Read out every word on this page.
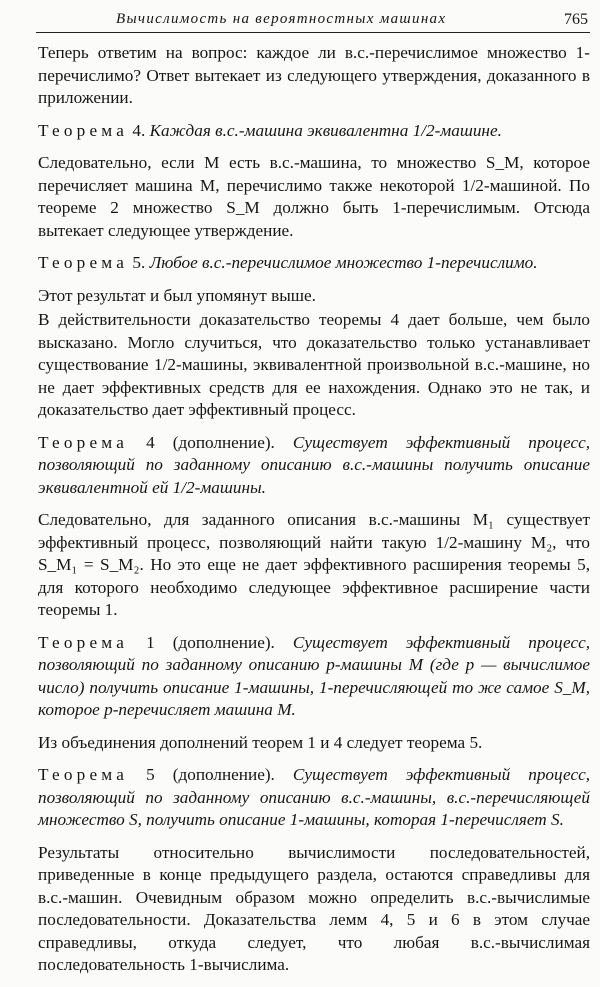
Вычислимость на вероятностных машинах	765

Теперь ответим на вопрос: каждое ли в.с.-перечислимое множество 1-перечислимо? Ответ вытекает из следующего утверждения, доказанного в приложении.

Теорема 4. Каждая в.с.-машина эквивалентна 1/2-машине.

Следовательно, если M есть в.с.-машина, то множество S_M, которое перечисляет машина M, перечислимо также некоторой 1/2-машиной. По теореме 2 множество S_M должно быть 1-перечислимым. Отсюда вытекает следующее утверждение.

Теорема 5. Любое в.с.-перечислимое множество 1-перечислимо.

Этот результат и был упомянут выше.

В действительности доказательство теоремы 4 дает больше, чем было высказано. Могло случиться, что доказательство только устанавливает существование 1/2-машины, эквивалентной произвольной в.с.-машине, но не дает эффективных средств для ее нахождения. Однако это не так, и доказательство дает эффективный процесс.

Теорема 4 (дополнение). Существует эффективный процесс, позволяющий по заданному описанию в.с.-машины получить описание эквивалентной ей 1/2-машины.

Следовательно, для заданного описания в.с.-машины M₁ существует эффективный процесс, позволяющий найти такую 1/2-машину M₂, что S_M₁ = S_M₂. Но это еще не дает эффективного расширения теоремы 5, для которого необходимо следующее эффективное расширение части теоремы 1.

Теорема 1 (дополнение). Существует эффективный процесс, позволяющий по заданному описанию p-машины M (где p — вычислимое число) получить описание 1-машины, 1-перечисляющей то же самое S_M, которое p-перечисляет машина M.

Из объединения дополнений теорем 1 и 4 следует теорема 5.

Теорема 5 (дополнение). Существует эффективный процесс, позволяющий по заданному описанию в.с.-машины, в.с.-перечисляющей множество S, получить описание 1-машины, которая 1-перечисляет S.

Результаты относительно вычислимости последовательностей, приведенные в конце предыдущего раздела, остаются справедливы для в.с.-машин. Очевидным образом можно определить в.с.-вычислимые последовательности. Доказательства лемм 4, 5 и 6 в этом случае справедливы, откуда следует, что любая в.с.-вычислимая последовательность 1-вычислима.
